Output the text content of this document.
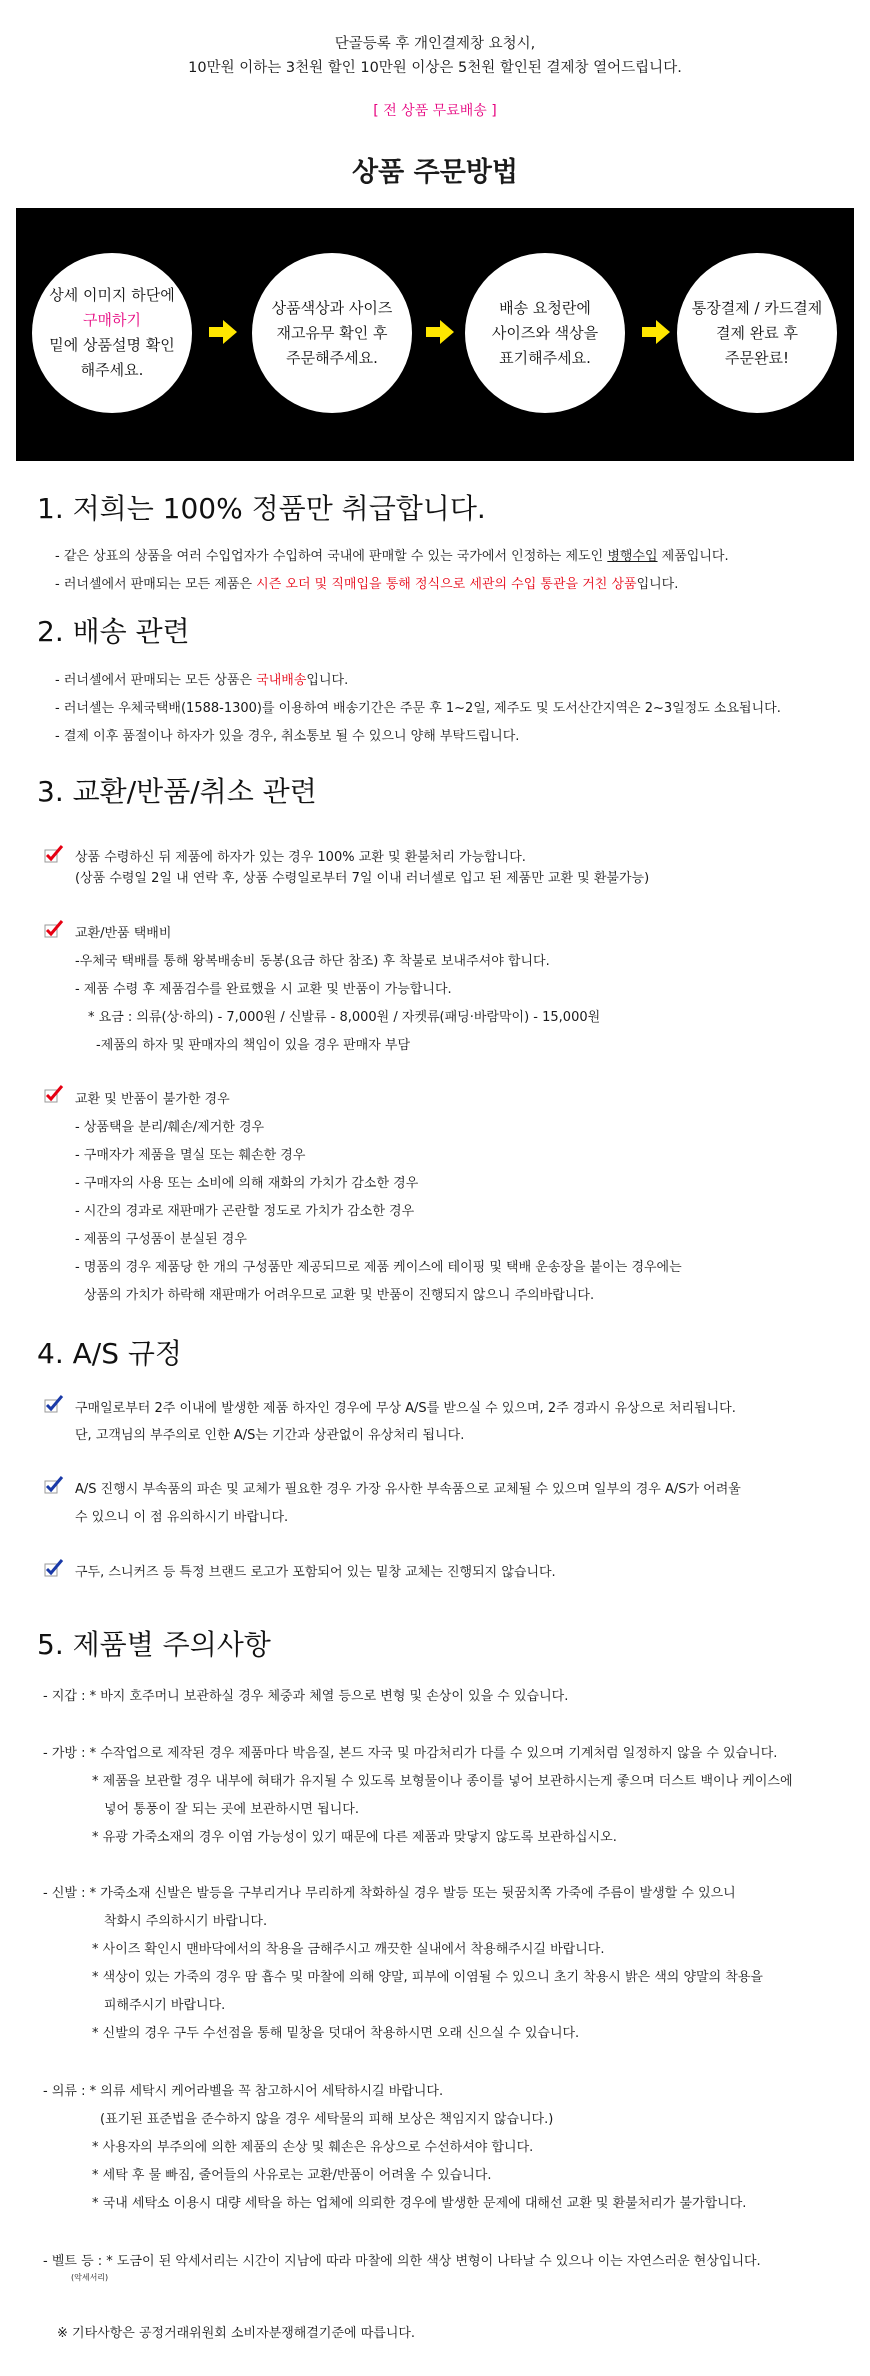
단골등록 후 개인결제창 요청시,
10만원 이하는 3천원 할인 10만원 이상은 5천원 할인된 결제창 열어드립니다.
[ 전 상품 무료배송 ]
상품 주문방법
상세 이미지 하단에
구매하기
밑에 상품설명 확인
해주세요.
상품색상과 사이즈
재고유무 확인 후
주문해주세요.
배송 요청란에
사이즈와 색상을
표기해주세요.
통장결제 / 카드결제
결제 완료 후
주문완료!
1. 저희는 100% 정품만 취급합니다.
- 같은 상표의 상품을 여러 수입업자가 수입하여 국내에 판매할 수 있는 국가에서 인정하는 제도인 병행수입 제품입니다.
- 러너셀에서 판매되는 모든 제품은 시즌 오더 및 직매입을 통해 정식으로 세관의 수입 통관을 거친 상품입니다.
2. 배송 관련
- 러너셀에서 판매되는 모든 상품은 국내배송입니다.
- 러너셀는 우체국택배(1588-1300)를 이용하여 배송기간은 주문 후 1~2일, 제주도 및 도서산간지역은 2~3일정도 소요됩니다.
- 결제 이후 품절이나 하자가 있을 경우, 취소통보 될 수 있으니 양해 부탁드립니다.
3. 교환/반품/취소 관련
상품 수령하신 뒤 제품에 하자가 있는 경우 100% 교환 및 환불처리 가능합니다.
(상품 수령일 2일 내 연락 후, 상품 수령일로부터 7일 이내 러너셀로 입고 된 제품만 교환 및 환불가능)
교환/반품 택배비
-우체국 택배를 통해 왕복배송비 동봉(요금 하단 참조) 후 착불로 보내주셔야 합니다.
- 제품 수령 후 제품검수를 완료했을 시 교환 및 반품이 가능합니다.
* 요금 : 의류(상·하의) - 7,000원 / 신발류 - 8,000원 / 자켓류(패딩·바람막이) - 15,000원
-제품의 하자 및 판매자의 책임이 있을 경우 판매자 부담
교환 및 반품이 불가한 경우
- 상품택을 분리/훼손/제거한 경우
- 구매자가 제품을 멸실 또는 훼손한 경우
- 구매자의 사용 또는 소비에 의해 재화의 가치가 감소한 경우
- 시간의 경과로 재판매가 곤란할 정도로 가치가 감소한 경우
- 제품의 구성품이 분실된 경우
- 명품의 경우 제품당 한 개의 구성품만 제공되므로 제품 케이스에 테이핑 및 택배 운송장을 붙이는 경우에는
상품의 가치가 하락해 재판매가 어려우므로 교환 및 반품이 진행되지 않으니 주의바랍니다.
4. A/S 규정
구매일로부터 2주 이내에 발생한 제품 하자인 경우에 무상 A/S를 받으실 수 있으며, 2주 경과시 유상으로 처리됩니다.
단, 고객님의 부주의로 인한 A/S는 기간과 상관없이 유상처리 됩니다.
A/S 진행시 부속품의 파손 및 교체가 필요한 경우 가장 유사한 부속품으로 교체될 수 있으며 일부의 경우 A/S가 어려울
수 있으니 이 점 유의하시기 바랍니다.
구두, 스니커즈 등 특정 브랜드 로고가 포함되어 있는 밑창 교체는 진행되지 않습니다.
5. 제품별 주의사항
- 지갑 : * 바지 호주머니 보관하실 경우 체중과 체열 등으로 변형 및 손상이 있을 수 있습니다.
- 가방 : * 수작업으로 제작된 경우 제품마다 박음질, 본드 자국 및 마감처리가 다를 수 있으며 기계처럼 일정하지 않을 수 있습니다.
* 제품을 보관할 경우 내부에 혀태가 유지될 수 있도록 보형물이나 종이를 넣어 보관하시는게 좋으며 더스트 백이나 케이스에
넣어 통풍이 잘 되는 곳에 보관하시면 됩니다.
* 유광 가죽소재의 경우 이염 가능성이 있기 때문에 다른 제품과 맞닿지 않도록 보관하십시오.
- 신발 : * 가죽소재 신발은 발등을 구부리거나 무리하게 착화하실 경우 발등 또는 뒷꿈치쪽 가죽에 주름이 발생할 수 있으니
착화시 주의하시기 바랍니다.
* 사이즈 확인시 맨바닥에서의 착용을 금해주시고 깨끗한 실내에서 착용해주시길 바랍니다.
* 색상이 있는 가죽의 경우 땀 흡수 및 마찰에 의해 양말, 피부에 이염될 수 있으니 초기 착용시 밝은 색의 양말의 착용을
피해주시기 바랍니다.
* 신발의 경우 구두 수선점을 통해 밑창을 덧대어 착용하시면 오래 신으실 수 있습니다.
- 의류 : * 의류 세탁시 케어라벨을 꼭 참고하시어 세탁하시길 바랍니다.
(표기된 표준법을 준수하지 않을 경우 세탁물의 피해 보상은 책임지지 않습니다.)
* 사용자의 부주의에 의한 제품의 손상 및 훼손은 유상으로 수선하셔야 합니다.
* 세탁 후 물 빠짐, 줄어들의 사유로는 교환/반품이 어려울 수 있습니다.
* 국내 세탁소 이용시 대량 세탁을 하는 업체에 의뢰한 경우에 발생한 문제에 대해선 교환 및 환불처리가 불가합니다.
- 벨트 등 : * 도금이 된 악세서리는 시간이 지남에 따라 마찰에 의한 색상 변형이 나타날 수 있으나 이는 자연스러운 현상입니다.
(악세서리)
※ 기타사항은 공정거래위원회 소비자분쟁해결기준에 따릅니다.
